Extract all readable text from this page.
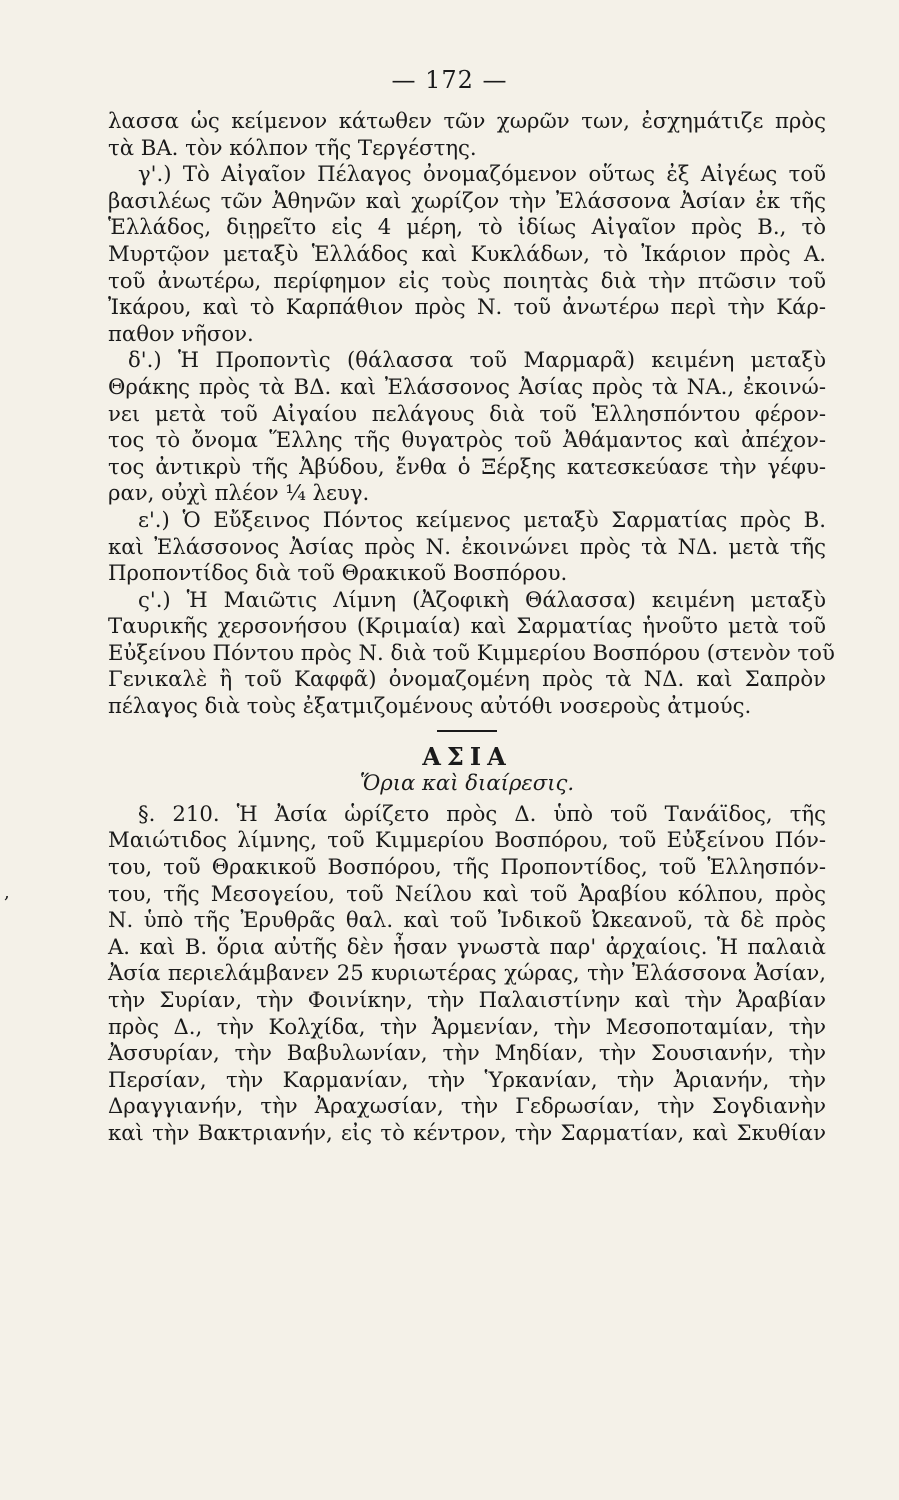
— 172 —
,
λασσα ὡς κείμενον κάτωθεν τῶν χωρῶν των, ἐσχημάτιζε πρὸς
τὰ ΒΑ. τὸν κόλπον τῆς Τεργέστης.
γ'.) Τὸ Αἰγαῖον Πέλαγος ὀνομαζόμενον οὕτως ἐξ Αἰγέως τοῦ
βασιλέως τῶν Ἀθηνῶν καὶ χωρίζον τὴν Ἐλάσσονα Ἀσίαν ἐκ τῆς
Ἑλλάδος, διῃρεῖτο εἰς 4 μέρη, τὸ ἰδίως Αἰγαῖον πρὸς Β., τὸ
Μυρτῷον μεταξὺ Ἑλλάδος καὶ Κυκλάδων, τὸ Ἰκάριον πρὸς Α.
τοῦ ἀνωτέρω, περίφημον εἰς τοὺς ποιητὰς διὰ τὴν πτῶσιν τοῦ
Ἰκάρου, καὶ τὸ Καρπάθιον πρὸς Ν. τοῦ ἀνωτέρω περὶ τὴν Κάρ-
παθον νῆσον.
δ'.) Ἡ Προποντὶς (θάλασσα τοῦ Μαρμαρᾶ) κειμένη μεταξὺ
Θράκης πρὸς τὰ ΒΔ. καὶ Ἐλάσσονος Ἀσίας πρὸς τὰ ΝΑ., ἐκοινώ-
νει μετὰ τοῦ Αἰγαίου πελάγους διὰ τοῦ Ἑλλησπόντου φέρον-
τος τὸ ὄνομα Ἕλλης τῆς θυγατρὸς τοῦ Ἀθάμαντος καὶ ἀπέχον-
τος ἀντικρὺ τῆς Ἀβύδου, ἔνθα ὁ Ξέρξης κατεσκεύασε τὴν γέφυ-
ραν, οὐχὶ πλέον ¼ λευγ.
ε'.) Ὁ Εὔξεινος Πόντος κείμενος μεταξὺ Σαρματίας πρὸς Β.
καὶ Ἐλάσσονος Ἀσίας πρὸς Ν. ἐκοινώνει πρὸς τὰ ΝΔ. μετὰ τῆς
Προποντίδος διὰ τοῦ Θρακικοῦ Βοσπόρου.
ς'.) Ἡ Μαιῶτις Λίμνη (Ἀζοφικὴ Θάλασσα) κειμένη μεταξὺ
Ταυρικῆς χερσονήσου (Κριμαία) καὶ Σαρματίας ἡνοῦτο μετὰ τοῦ
Εὐξείνου Πόντου πρὸς Ν. διὰ τοῦ Κιμμερίου Βοσπόρου (στενὸν τοῦ
Γενικαλὲ ἢ τοῦ Καφφᾶ) ὀνομαζομένη πρὸς τὰ ΝΔ. καὶ Σαπρὸν
πέλαγος διὰ τοὺς ἐξατμιζομένους αὐτόθι νοσεροὺς ἀτμούς.
ΑΣΙΑ
Ὅρια καὶ διαίρεσις.
§. 210. Ἡ Ἀσία ὡρίζετο πρὸς Δ. ὑπὸ τοῦ Τανάϊδος, τῆς
Μαιώτιδος λίμνης, τοῦ Κιμμερίου Βοσπόρου, τοῦ Εὐξείνου Πόν-
του, τοῦ Θρακικοῦ Βοσπόρου, τῆς Προποντίδος, τοῦ Ἑλλησπόν-
του, τῆς Μεσογείου, τοῦ Νείλου καὶ τοῦ Ἀραβίου κόλπου, πρὸς
Ν. ὑπὸ τῆς Ἐρυθρᾶς θαλ. καὶ τοῦ Ἰνδικοῦ Ὠκεανοῦ, τὰ δὲ πρὸς
Α. καὶ Β. ὅρια αὐτῆς δὲν ἦσαν γνωστὰ παρ' ἀρχαίοις. Ἡ παλαιὰ
Ἀσία περιελάμβανεν 25 κυριωτέρας χώρας, τὴν Ἐλάσσονα Ἀσίαν,
τὴν Συρίαν, τὴν Φοινίκην, τὴν Παλαιστίνην καὶ τὴν Ἀραβίαν
πρὸς Δ., τὴν Κολχίδα, τὴν Ἀρμενίαν, τὴν Μεσοποταμίαν, τὴν
Ἀσσυρίαν, τὴν Βαβυλωνίαν, τὴν Μηδίαν, τὴν Σουσιανήν, τὴν
Περσίαν, τὴν Καρμανίαν, τὴν Ὑρκανίαν, τὴν Ἀριανήν, τὴν
Δραγγιανήν, τὴν Ἀραχωσίαν, τὴν Γεδρωσίαν, τὴν Σογδιανὴν
καὶ τὴν Βακτριανήν, εἰς τὸ κέντρον, τὴν Σαρματίαν, καὶ Σκυθίαν
